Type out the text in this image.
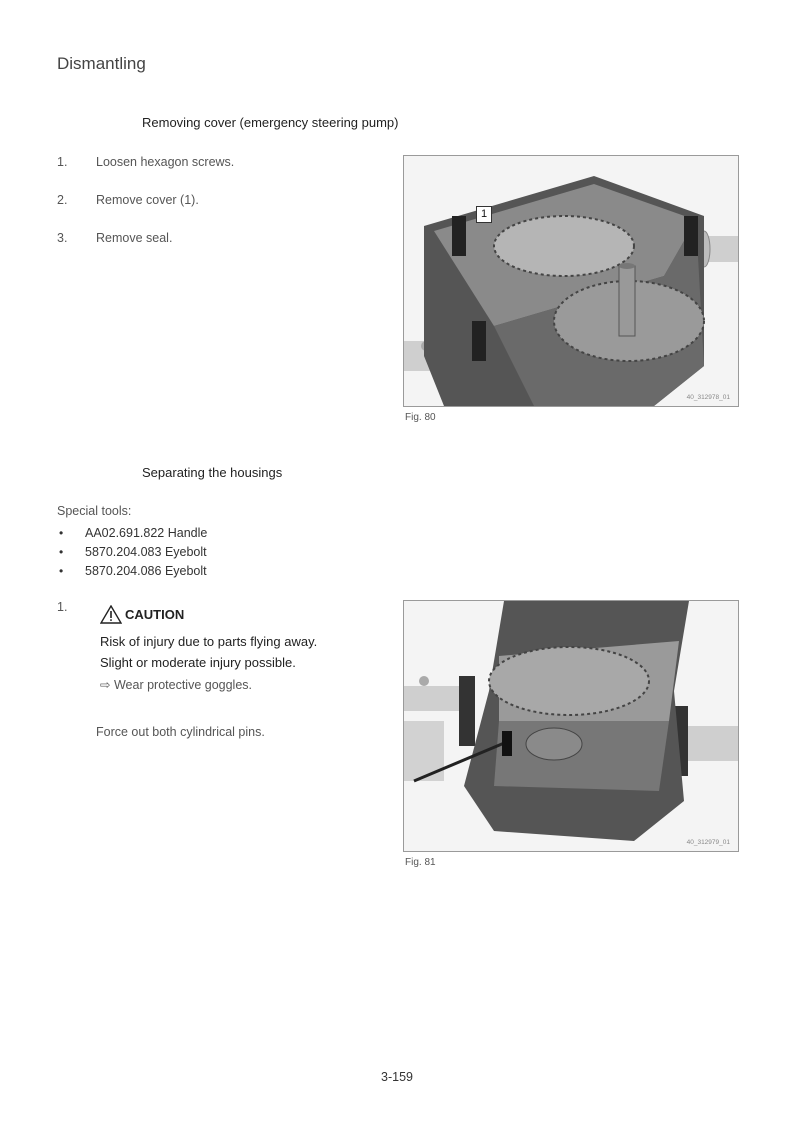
Dismantling
Removing cover (emergency steering pump)
1. Loosen hexagon screws.
2. Remove cover (1).
3. Remove seal.
1
40_312978_01
Fig. 80
Separating the housings
Special tools:
• AA02.691.822 Handle
• 5870.204.083 Eyebolt
• 5870.204.086 Eyebolt
1.	CAUTION
Risk of injury due to parts flying away.
Slight or moderate injury possible.
⇨ Wear protective goggles.
Force out both cylindrical pins.
40_312979_01
Fig. 81
3-159
